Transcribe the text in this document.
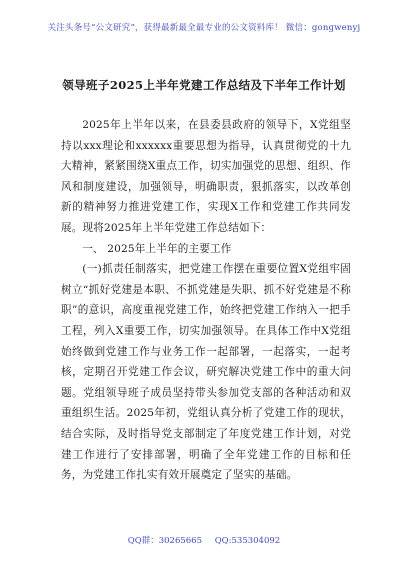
关注头条号“公文研究”，获得最新最全最专业的公文资料库！ 微信：gongwenyj
领导班子2025上半年党建工作总结及下半年工作计划

2025年上半年以来，在县委县政府的领导下，X党组坚持以xxx理论和xxxxxx重要思想为指导，认真贯彻党的十九大精神，紧紧围绕X重点工作，切实加强党的思想、组织、作风和制度建设，加强领导，明确职责，狠抓落实，以改革创新的精神努力推进党建工作，实现X工作和党建工作共同发展。现将2025年上半年党建工作总结如下：

一、 2025年上半年的主要工作

(一)抓责任制落实，把党建工作摆在重要位置X党组牢固树立“抓好党建是本职、不抓党建是失职、抓不好党建是不称职”的意识，高度重视党建工作，始终把党建工作纳入一把手工程，列入X重要工作，切实加强领导。在具体工作中X党组始终做到党建工作与业务工作一起部署，一起落实，一起考核，定期召开党建工作会议，研究解决党建工作中的重大问题。党组领导班子成员坚持带头参加党支部的各种活动和双重组织生活。2025年初，党组认真分析了党建工作的现状，结合实际，及时指导党支部制定了年度党建工作计划，对党建工作进行了安排部署，明确了全年党建工作的目标和任务，为党建工作扎实有效开展奠定了坚实的基础。

QQ群：30265665 QQ:535304092
